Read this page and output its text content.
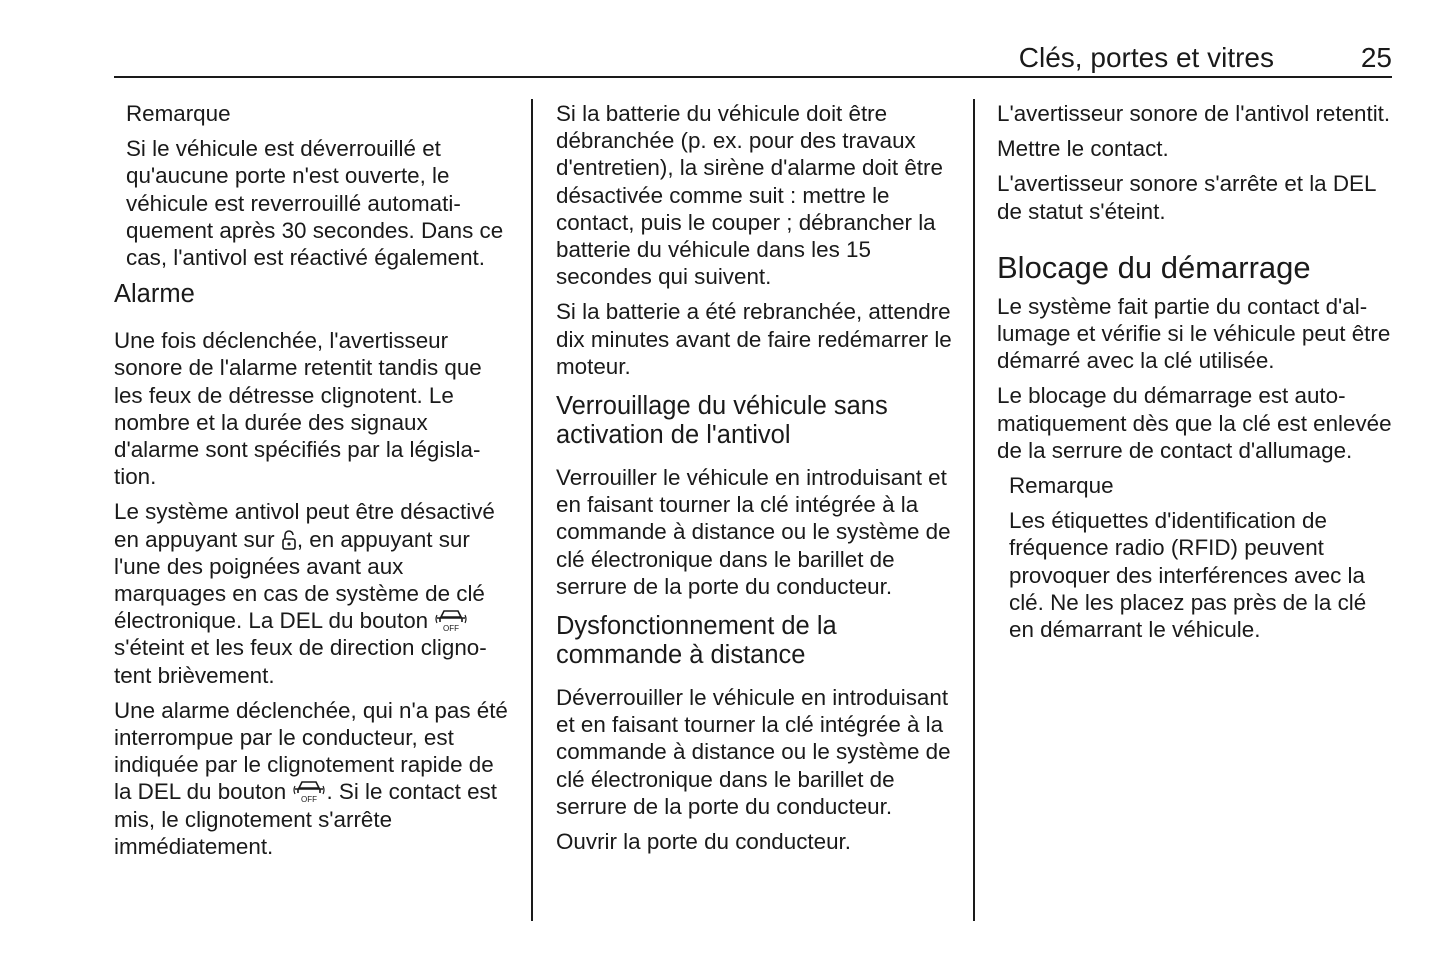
Clés, portes et vitres	25

Remarque

Si le véhicule est déverrouillé et qu'aucune porte n'est ouverte, le véhicule est reverrouillé automatiquement après 30 secondes. Dans ce cas, l'antivol est réactivé également.

Alarme

Une fois déclenchée, l'avertisseur sonore de l'alarme retentit tandis que les feux de détresse clignotent. Le nombre et la durée des signaux d'alarme sont spécifiés par la législation.

Le système antivol peut être désactivé en appuyant sur
, en appuyant sur l'une des poignées avant aux marquages en cas de système de clé électronique. La DEL du bouton OFF
s'éteint et les feux de direction clignotent brièvement.

Une alarme déclenchée, qui n'a pas été interrompue par le conducteur, est indiquée par le clignotement rapide de la DEL du bouton OFF . Si le contact est mis, le clignotement s'arrête immédiatement.

Si la batterie du véhicule doit être débranchée (p. ex. pour des travaux d'entretien), la sirène d'alarme doit être désactivée comme suit : mettre le contact, puis le couper ; débrancher la batterie du véhicule dans les 15 secondes qui suivent.

Si la batterie a été rebranchée, attendre dix minutes avant de faire redémarrer le moteur.

Verrouillage du véhicule sans activation de l'antivol

Verrouiller le véhicule en introduisant et en faisant tourner la clé intégrée à la commande à distance ou le système de clé électronique dans le barillet de serrure de la porte du conducteur.

Dysfonctionnement de la commande à distance

Déverrouiller le véhicule en introduisant et en faisant tourner la clé intégrée à la commande à distance ou le système de clé électronique dans le barillet de serrure de la porte du conducteur.

Ouvrir la porte du conducteur.

L'avertisseur sonore de l'antivol retentit.

Mettre le contact.

L'avertisseur sonore s'arrête et la DEL de statut s'éteint.

Blocage du démarrage

Le système fait partie du contact d'allumage et vérifie si le véhicule peut être démarré avec la clé utilisée.

Le blocage du démarrage est automatiquement dès que la clé est enlevée de la serrure de contact d'allumage.

Remarque

Les étiquettes d'identification de fréquence radio (RFID) peuvent provoquer des interférences avec la clé. Ne les placez pas près de la clé en démarrant le véhicule.
